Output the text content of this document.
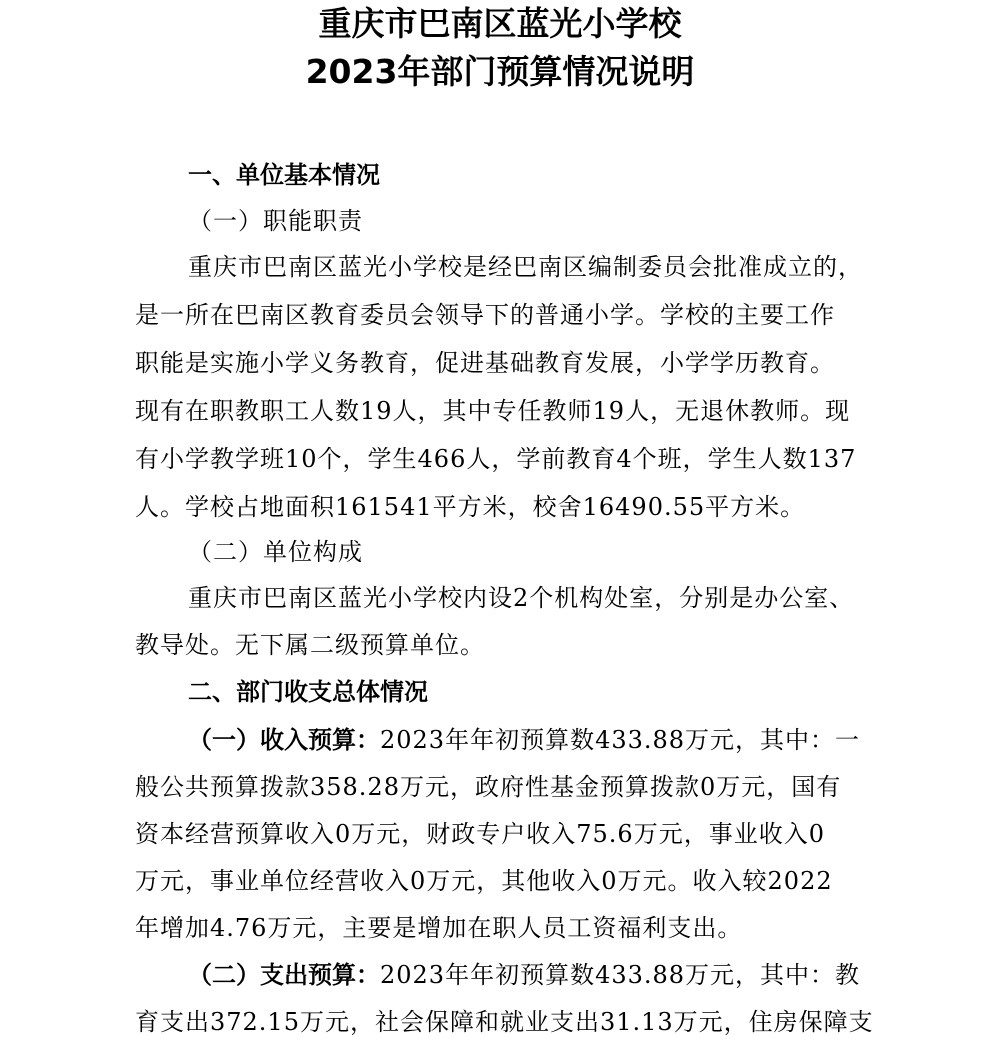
重庆市巴南区蓝光小学校
2023年部门预算情况说明
一、单位基本情况
（一）职能职责
重庆市巴南区蓝光小学校是经巴南区编制委员会批准成立的，
是一所在巴南区教育委员会领导下的普通小学。学校的主要工作
职能是实施小学义务教育，促进基础教育发展，小学学历教育。
现有在职教职工人数19人，其中专任教师19人，无退休教师。现
有小学教学班10个，学生466人，学前教育4个班，学生人数137
人。学校占地面积161541平方米，校舍16490.55平方米。
（二）单位构成
重庆市巴南区蓝光小学校内设2个机构处室，分别是办公室、
教导处。无下属二级预算单位。
二、部门收支总体情况
（一）收入预算：2023年年初预算数433.88万元，其中：一
般公共预算拨款358.28万元，政府性基金预算拨款0万元，国有
资本经营预算收入0万元，财政专户收入75.6万元，事业收入0
万元，事业单位经营收入0万元，其他收入0万元。收入较2022
年增加4.76万元，主要是增加在职人员工资福利支出。
（二）支出预算：2023年年初预算数433.88万元，其中：教
育支出372.15万元，社会保障和就业支出31.13万元，住房保障支
